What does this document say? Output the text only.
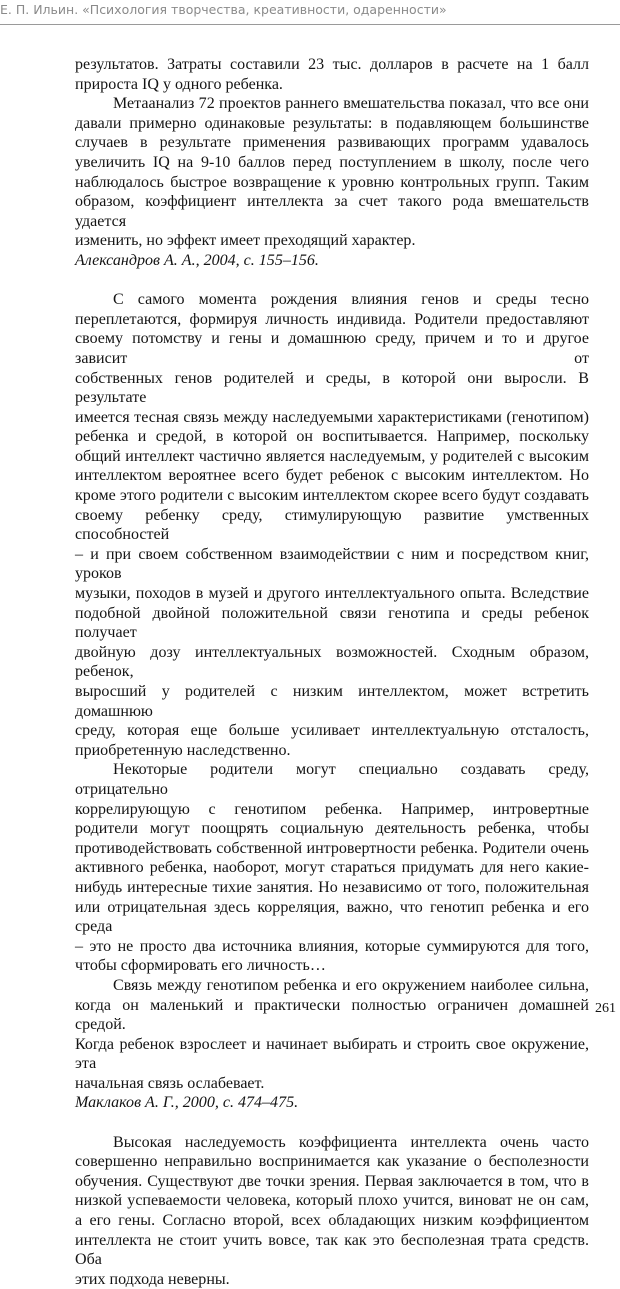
Е. П. Ильин. «Психология творчества, креативности, одаренности»

результатов. Затраты составили 23 тыс. долларов в расчете на 1 балл

прироста IQ у одного ребенка.

Метаанализ 72 проектов раннего вмешательства показал, что все они

давали примерно одинаковые результаты: в подавляющем большинстве

случаев в результате применения развивающих программ удавалось

увеличить IQ на 9-10 баллов перед поступлением в школу, после чего

наблюдалось быстрое возвращение к уровню контрольных групп. Таким

образом, коэффициент интеллекта за счет такого рода вмешательств удается

изменить, но эффект имеет преходящий характер.

Александров А. А., 2004, с. 155–156.

С самого момента рождения влияния генов и среды тесно

переплетаются, формируя личность индивида. Родители предоставляют

своему потомству и гены и домашнюю среду, причем и то и другое зависит от

собственных генов родителей и среды, в которой они выросли. В результате

имеется тесная связь между наследуемыми характеристиками (генотипом)

ребенка и средой, в которой он воспитывается. Например, поскольку

общий интеллект частично является наследуемым, у родителей с высоким

интеллектом вероятнее всего будет ребенок с высоким интеллектом. Но

кроме этого родители с высоким интеллектом скорее всего будут создавать

своему ребенку среду, стимулирующую развитие умственных способностей

– и при своем собственном взаимодействии с ним и посредством книг, уроков

музыки, походов в музей и другого интеллектуального опыта. Вследствие

подобной двойной положительной связи генотипа и среды ребенок получает

двойную дозу интеллектуальных возможностей. Сходным образом, ребенок,

выросший у родителей с низким интеллектом, может встретить домашнюю

среду, которая еще больше усиливает интеллектуальную отсталость,

приобретенную наследственно.

Некоторые родители могут специально создавать среду, отрицательно

коррелирующую с генотипом ребенка. Например, интровертные

родители могут поощрять социальную деятельность ребенка, чтобы

противодействовать собственной интровертности ребенка. Родители очень

активного ребенка, наоборот, могут стараться придумать для него какие-

нибудь интересные тихие занятия. Но независимо от того, положительная

или отрицательная здесь корреляция, важно, что генотип ребенка и его среда

– это не просто два источника влияния, которые суммируются для того,

чтобы сформировать его личность…

Связь между генотипом ребенка и его окружением наиболее сильна,

когда он маленький и практически полностью ограничен домашней средой.

Когда ребенок взрослеет и начинает выбирать и строить свое окружение, эта

начальная связь ослабевает.

Маклаков А. Г., 2000, с. 474–475.

Высокая наследуемость коэффициента интеллекта очень часто

совершенно неправильно воспринимается как указание о бесполезности

обучения. Существуют две точки зрения. Первая заключается в том, что в

низкой успеваемости человека, который плохо учится, виноват не он сам,

а его гены. Согласно второй, всех обладающих низким коэффициентом

интеллекта не стоит учить вовсе, так как это бесполезная трата средств. Оба

этих подхода неверны.

261
